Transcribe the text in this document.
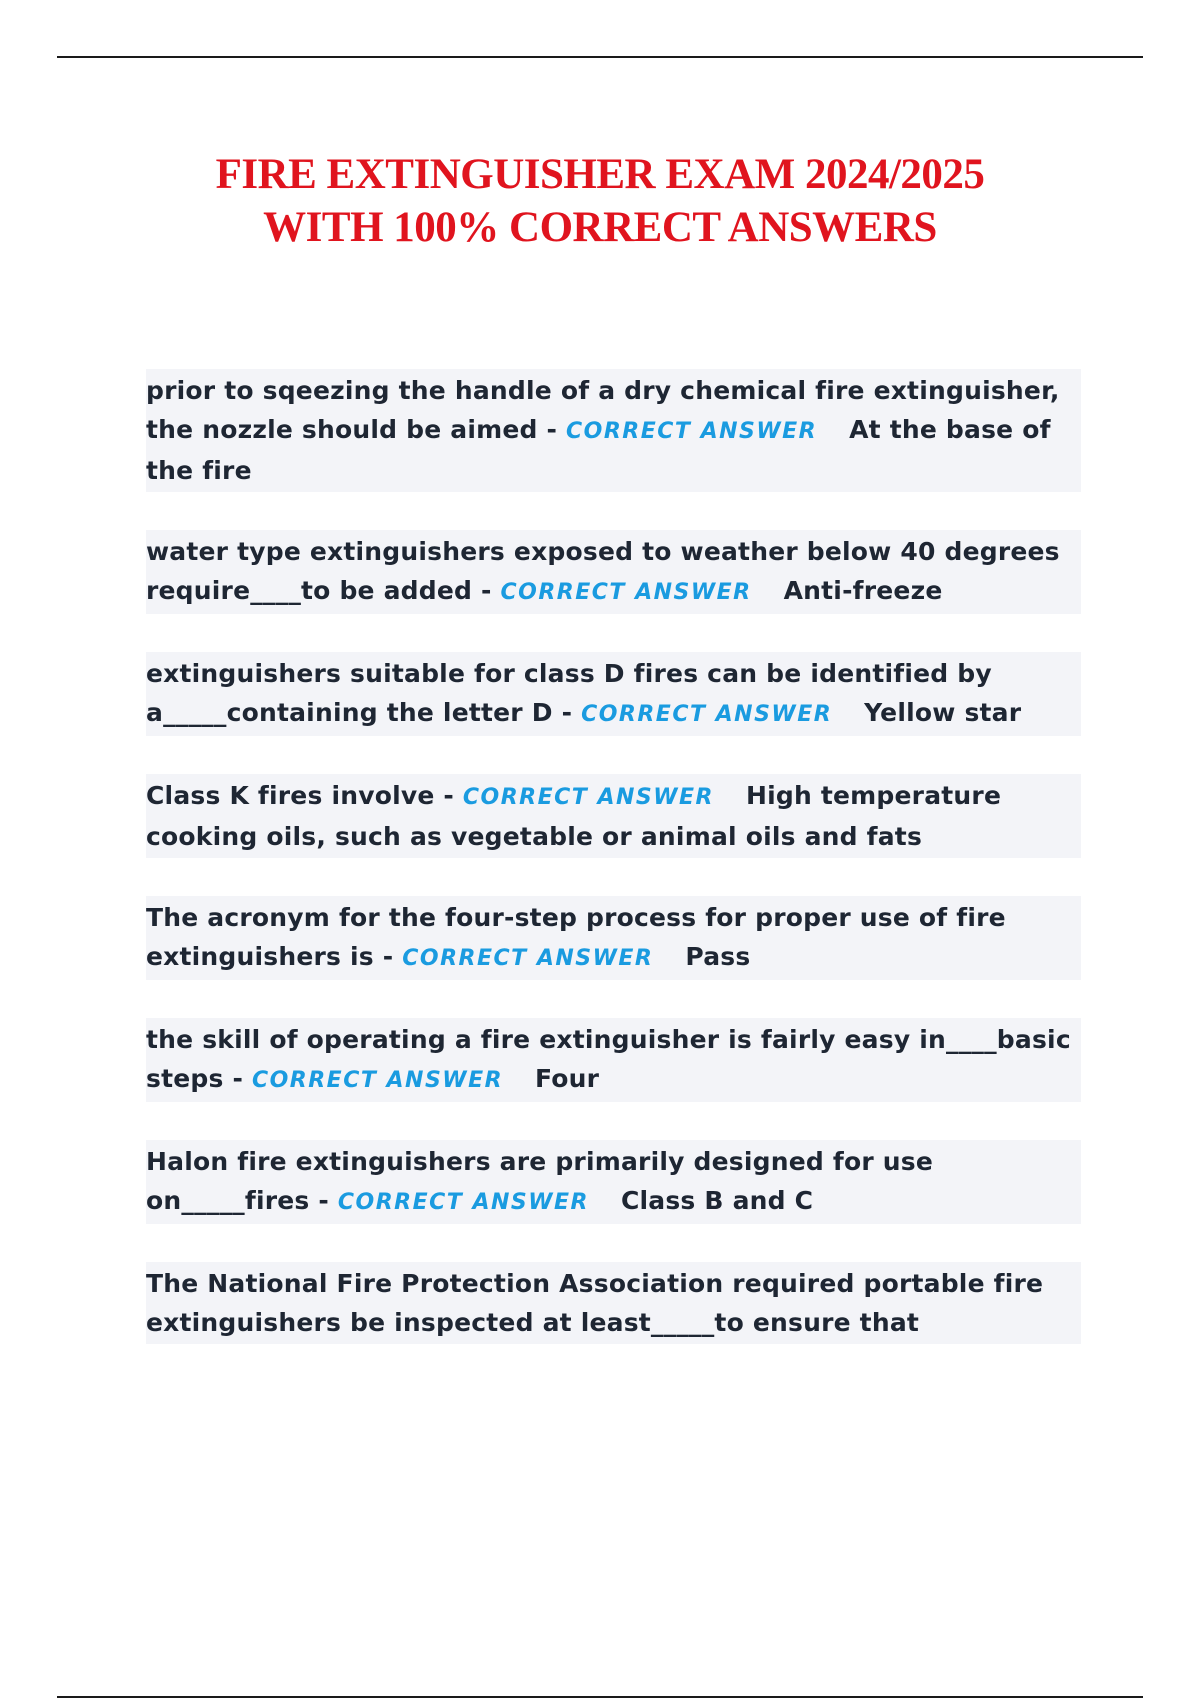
FIRE EXTINGUISHER EXAM 2024/2025
WITH 100% CORRECT ANSWERS
prior to sqeezing the handle of a dry chemical fire extinguisher, the nozzle should be aimed - CORRECT ANSWER At the base of the fire
water type extinguishers exposed to weather below 40 degrees require____to be added - CORRECT ANSWER Anti-freeze
extinguishers suitable for class D fires can be identified by a_____containing the letter D - CORRECT ANSWER Yellow star
Class K fires involve - CORRECT ANSWER High temperature cooking oils, such as vegetable or animal oils and fats
The acronym for the four-step process for proper use of fire extinguishers is - CORRECT ANSWER Pass
the skill of operating a fire extinguisher is fairly easy in____basic steps - CORRECT ANSWER Four
Halon fire extinguishers are primarily designed for use on_____fires - CORRECT ANSWER Class B and C
The National Fire Protection Association required portable fire extinguishers be inspected at least_____to ensure that
